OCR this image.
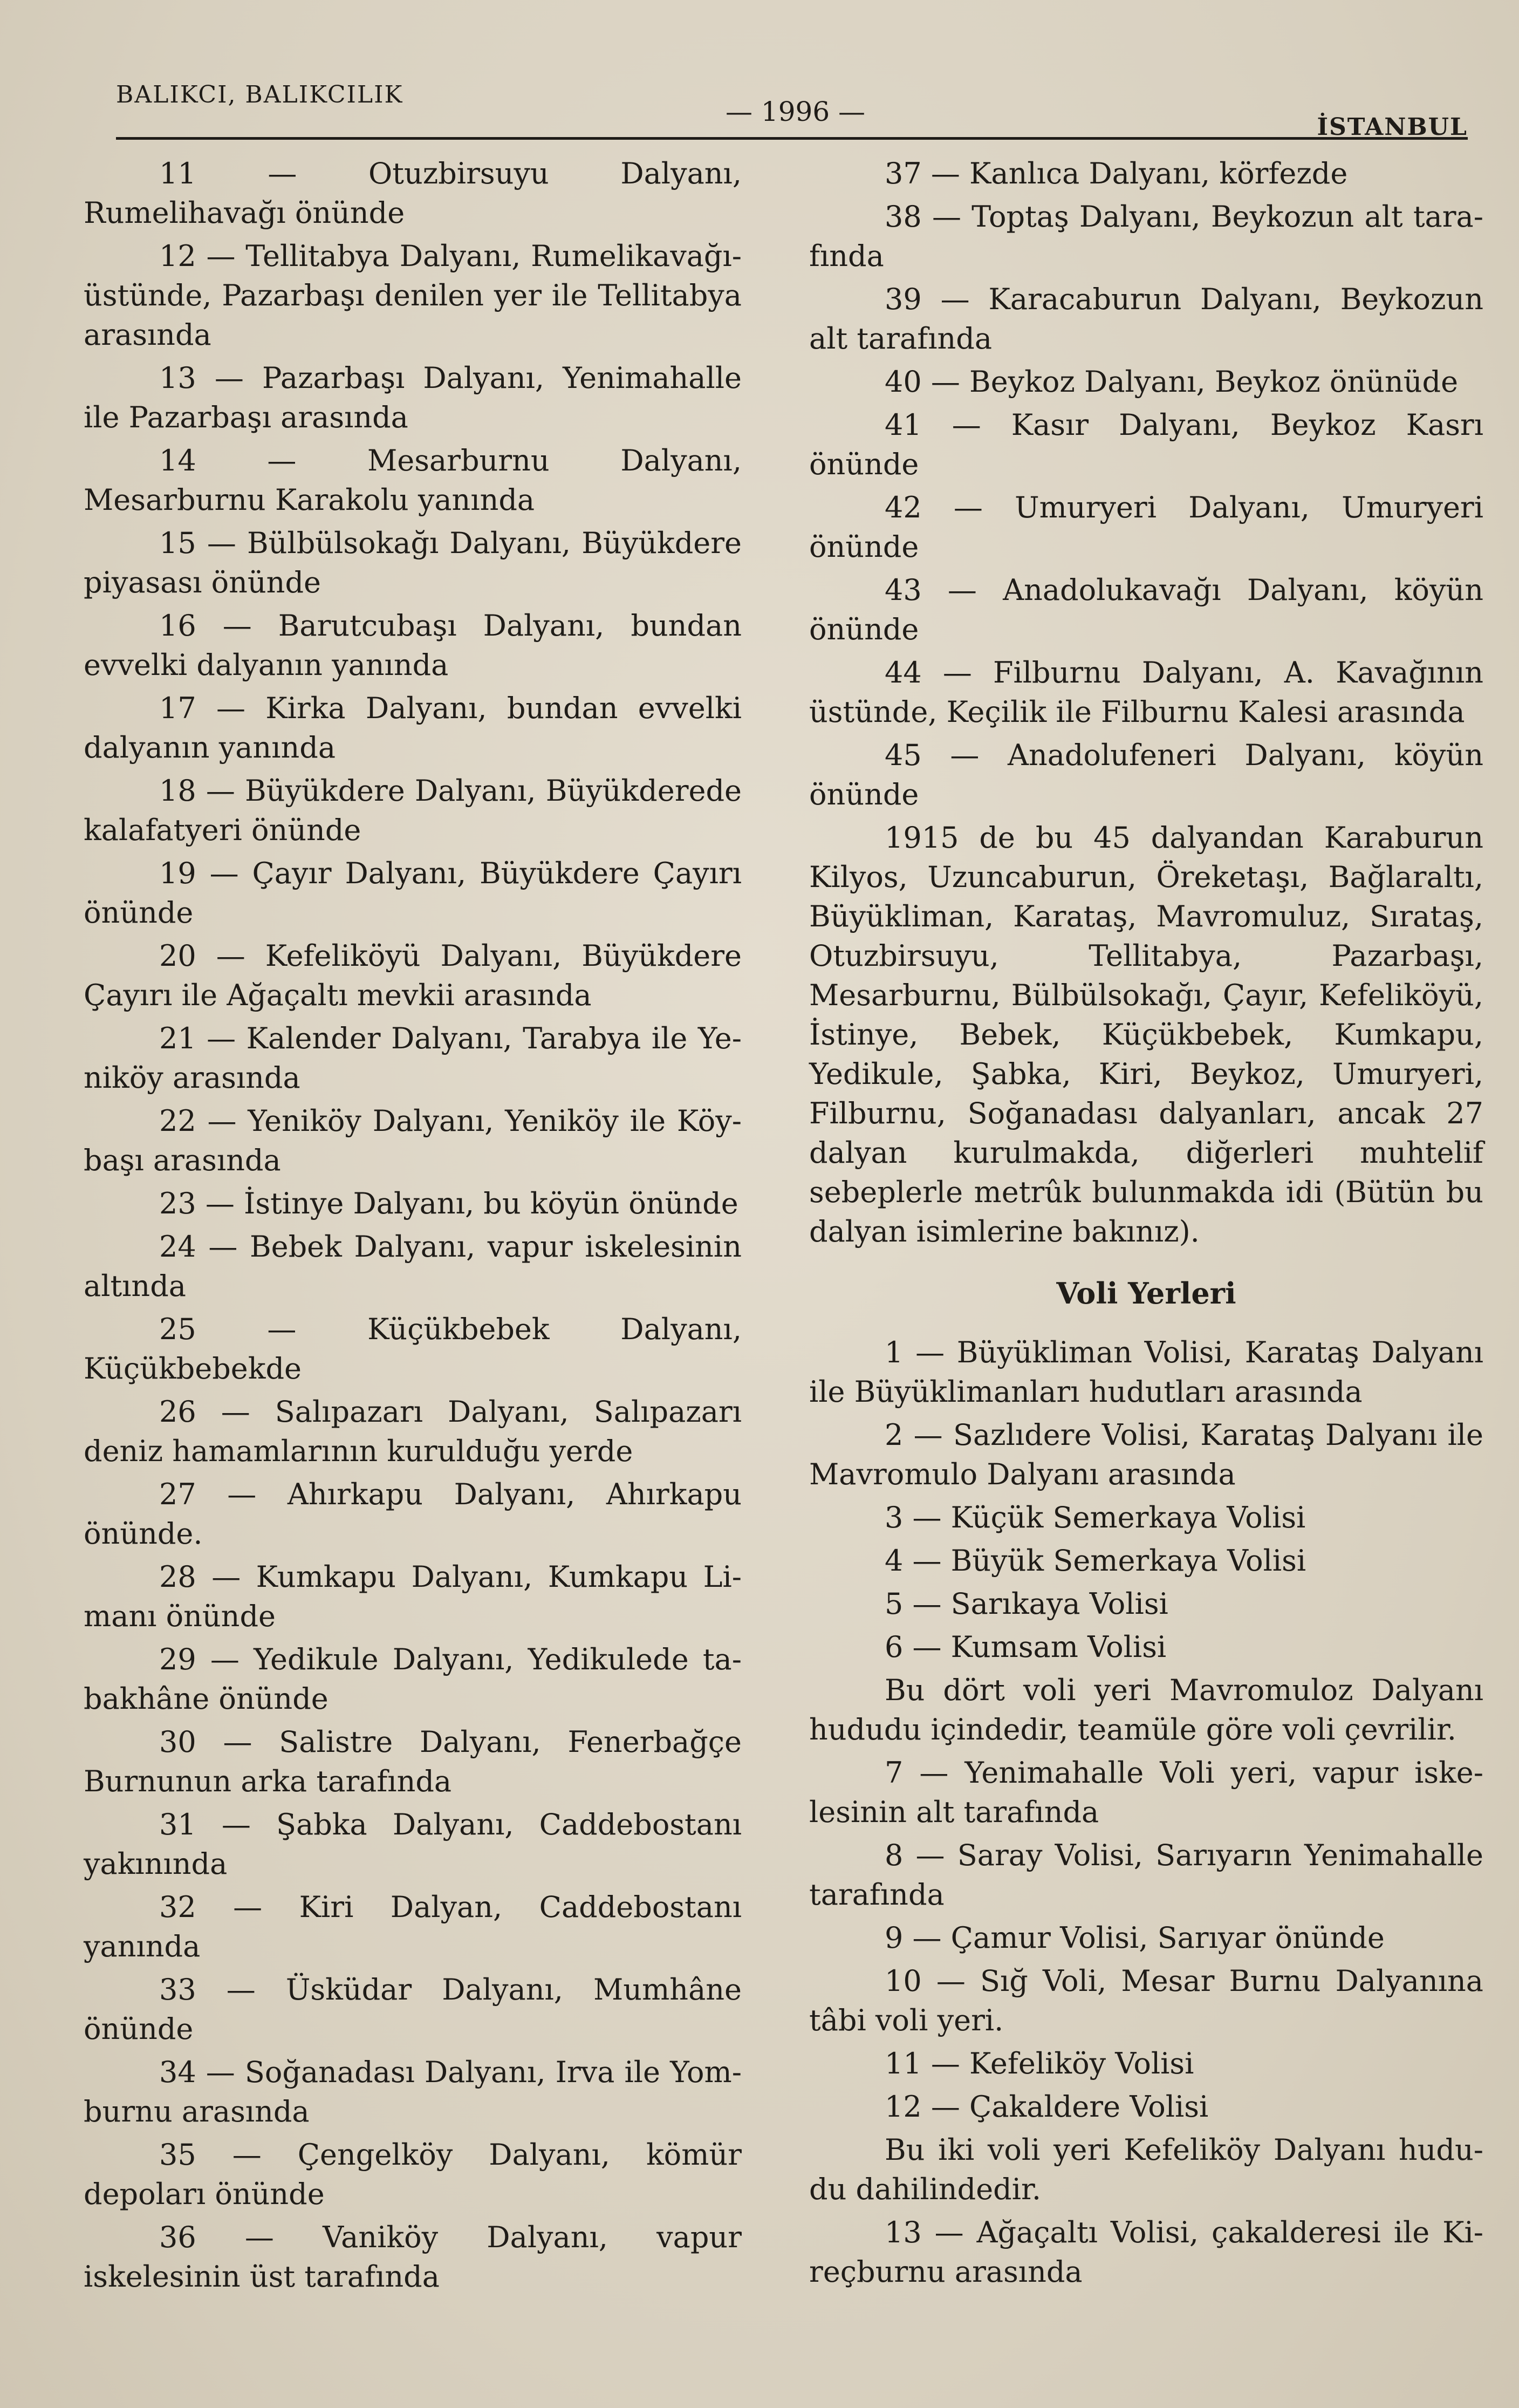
BALIKCI, BALIKCILIK
— 1996 —	İSTANBUL

11 — Otuzbirsuyu Dalyanı, Rumelihavağı önünde

12 — Tellitabya Dalyanı, Rumelikavağıüstünde, Pazarbaşı denilen yer ile Tellitabya arasında

13 — Pazarbaşı Dalyanı, Yenimahalle ile Pazarbaşı arasında

14 — Mesarburnu Dalyanı, Mesarburnu Karakolu yanında

15 — Bülbülsokağı Dalyanı, Büyükdere piyasası önünde

16 — Barutcubaşı Dalyanı, bundan evvelki dalyanın yanında

17 — Kirka Dalyanı, bundan evvelki dalyanın yanında

18 — Büyükdere Dalyanı, Büyükderede kalafatyeri önünde

19 — Çayır Dalyanı, Büyükdere Çayırı önünde

20 — Kefeliköyü Dalyanı, Büyükdere Çayırı ile Ağaçaltı mevkii arasında

21 — Kalender Dalyanı, Tarabya ile Yeniköy arasında

22 — Yeniköy Dalyanı, Yeniköy ile Köybaşı arasında

23 — İstinye Dalyanı, bu köyün önünde

24 — Bebek Dalyanı, vapur iskelesinin altında

25 — Küçükbebek Dalyanı, Küçükbebekde

26 — Salıpazarı Dalyanı, Salıpazarı deniz hamamlarının kurulduğu yerde

27 — Ahırkapu Dalyanı, Ahırkapu önünde.

28 — Kumkapu Dalyanı, Kumkapu Limanı önünde

29 — Yedikule Dalyanı, Yedikulede tabakhâne önünde

30 — Salistre Dalyanı, Fenerbağçe Burnunun arka tarafında

31 — Şabka Dalyanı, Caddebostanı yakınında

32 — Kiri Dalyan, Caddebostanı yanında

33 — Üsküdar Dalyanı, Mumhâne önünde

34 — Soğanadası Dalyanı, Irva ile Yomburnu arasında

35 — Çengelköy Dalyanı, kömür depoları önünde

36 — Vaniköy Dalyanı, vapur iskelesinin üst tarafında

37 — Kanlıca Dalyanı, körfezde

38 — Toptaş Dalyanı, Beykozun alt tarafında

39 — Karacaburun Dalyanı, Beykozun alt tarafında

40 — Beykoz Dalyanı, Beykoz önünüde

41 — Kasır Dalyanı, Beykoz Kasrı önünde

42 — Umuryeri Dalyanı, Umuryeri önünde

43 — Anadolukavağı Dalyanı, köyün önünde

44 — Filburnu Dalyanı, A. Kavağının üstünde, Keçilik ile Filburnu Kalesi arasında

45 — Anadolufeneri Dalyanı, köyün önünde

1915 de bu 45 dalyandan Karaburun Kilyos, Uzuncaburun, Öreketaşı, Bağlaraltı, Büyükliman, Karataş, Mavromuluz, Sırataş, Otuzbirsuyu, Tellitabya, Pazarbaşı, Mesarburnu, Bülbülsokağı, Çayır, Kefeliköyü, İstinye, Bebek, Küçükbebek, Kumkapu, Yedikule, Şabka, Kiri, Beykoz, Umuryeri, Filburnu, Soğanadası dalyanları, ancak 27 dalyan kurulmakda, diğerleri muhtelif sebeplerle metrûk bulunmakda idi (Bütün bu dalyan isimlerine bakınız).

Voli Yerleri

1 — Büyükliman Volisi, Karataş Dalyanı ile Büyüklimanları hudutları arasında

2 — Sazlıdere Volisi, Karataş Dalyanı ile Mavromulo Dalyanı arasında

3 — Küçük Semerkaya Volisi

4 — Büyük Semerkaya Volisi

5 — Sarıkaya Volisi

6 — Kumsam Volisi

Bu dört voli yeri Mavromuloz Dalyanı hududu içindedir, teamüle göre voli çevrilir.

7 — Yenimahalle Voli yeri, vapur iskelesinin alt tarafında

8 — Saray Volisi, Sarıyarın Yenimahalle tarafında

9 — Çamur Volisi, Sarıyar önünde

10 — Sığ Voli, Mesar Burnu Dalyanına tâbi voli yeri.

11 — Kefeliköy Volisi

12 — Çakaldere Volisi

Bu iki voli yeri Kefeliköy Dalyanı hududu dahilindedir.

13 — Ağaçaltı Volisi, çakalderesi ile Kireçburnu arasında
